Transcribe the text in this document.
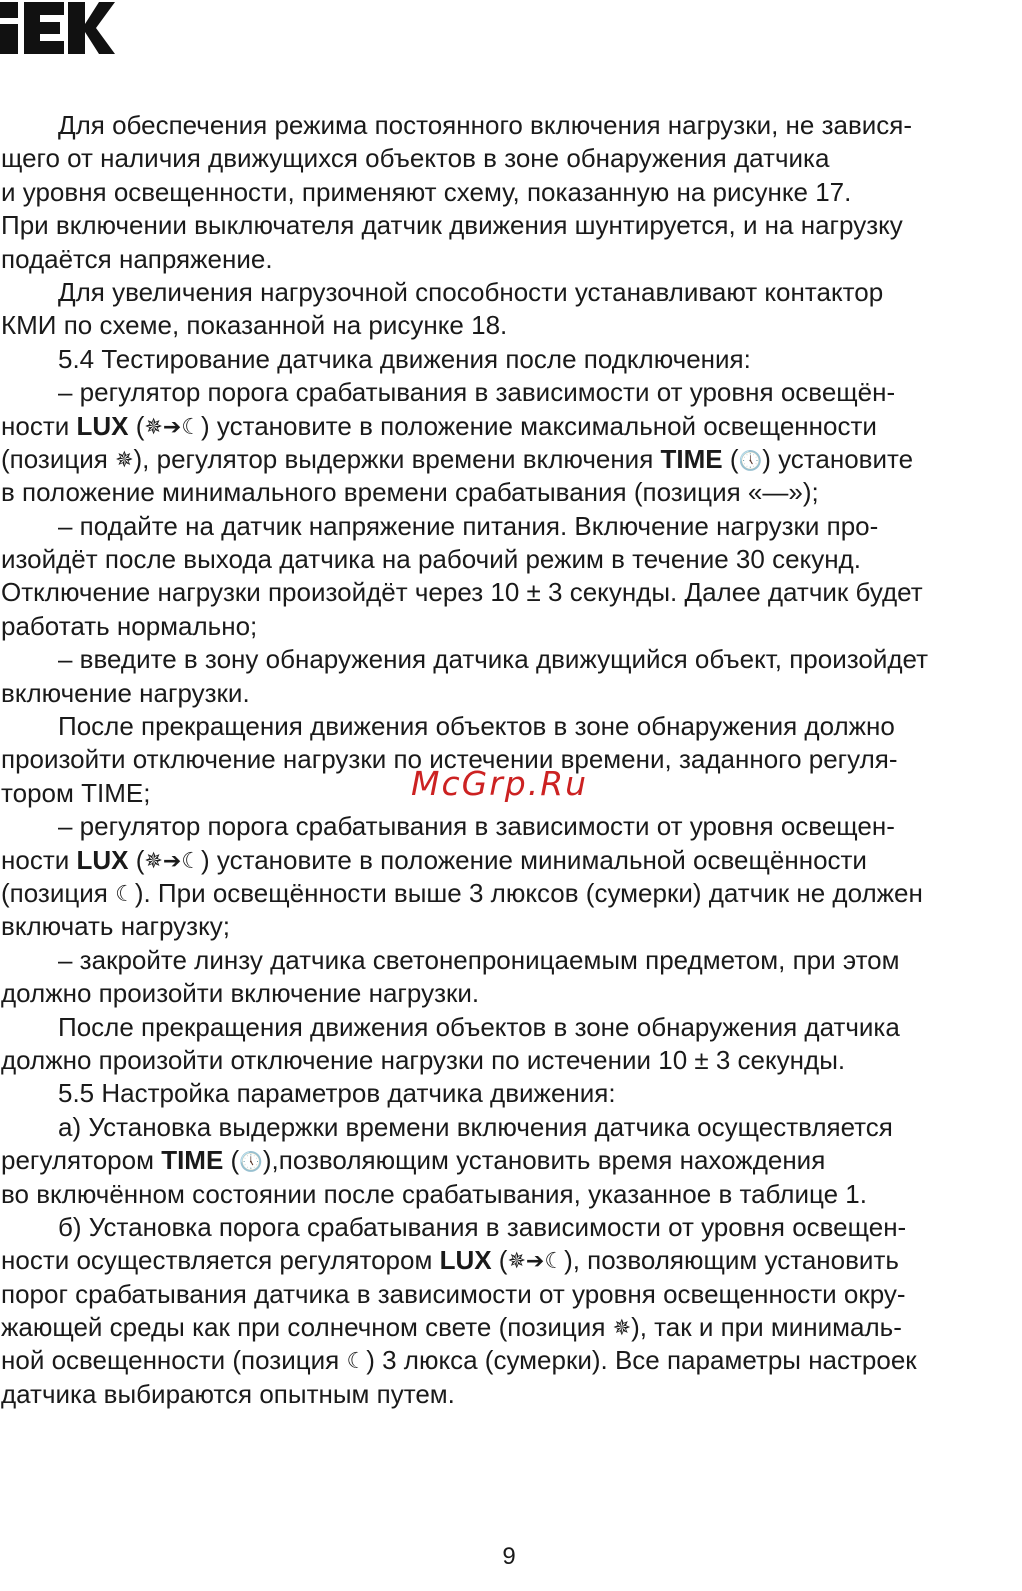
Для обеспечения режима постоянного включения нагрузки, не завися-
щего от наличия движущихся объектов в зоне обнаружения датчика
и уровня освещенности, применяют схему, показанную на рисунке 17.
При включении выключателя датчик движения шунтируется, и на нагрузку
подаётся напряжение.
Для увеличения нагрузочной способности устанавливают контактор
КМИ по схеме, показанной на рисунке 18.
5.4 Тестирование датчика движения после подключения:
– регулятор порога срабатывания в зависимости от уровня освещён-
ности LUX (✵➔☾) установите в положение максимальной освещенности
(позиция ✵), регулятор выдержки времени включения TIME (🕔) установите
в положение минимального времени срабатывания (позиция «—»);
– подайте на датчик напряжение питания. Включение нагрузки про-
изойдёт после выхода датчика на рабочий режим в течение 30 секунд.
Отключение нагрузки произойдёт через 10 ± 3 секунды. Далее датчик будет
работать нормально;
– введите в зону обнаружения датчика движущийся объект, произойдет
включение нагрузки.
После прекращения движения объектов в зоне обнаружения должно
произойти отключение нагрузки по истечении времени, заданного регуля-
тором TIME;
– регулятор порога срабатывания в зависимости от уровня освещен-
ности LUX (✵➔☾) установите в положение минимальной освещённости
(позиция ☾). При освещённости выше 3 люксов (сумерки) датчик не должен
включать нагрузку;
– закройте линзу датчика светонепроницаемым предметом, при этом
должно произойти включение нагрузки.
После прекращения движения объектов в зоне обнаружения датчика
должно произойти отключение нагрузки по истечении 10 ± 3 секунды.
5.5 Настройка параметров датчика движения:
а) Установка выдержки времени включения датчика осуществляется
регулятором TIME (🕔),позволяющим установить время нахождения
во включённом состоянии после срабатывания, указанное в таблице 1.
б) Установка порога срабатывания в зависимости от уровня освещен-
ности осуществляется регулятором LUX (✵➔☾), позволяющим установить
порог срабатывания датчика в зависимости от уровня освещенности окру-
жающей среды как при солнечном свете (позиция ✵), так и при минималь-
ной освещенности (позиция ☾) 3 люкса (сумерки). Все параметры настроек
датчика выбираются опытным путем.
McGrp.Ru
9
